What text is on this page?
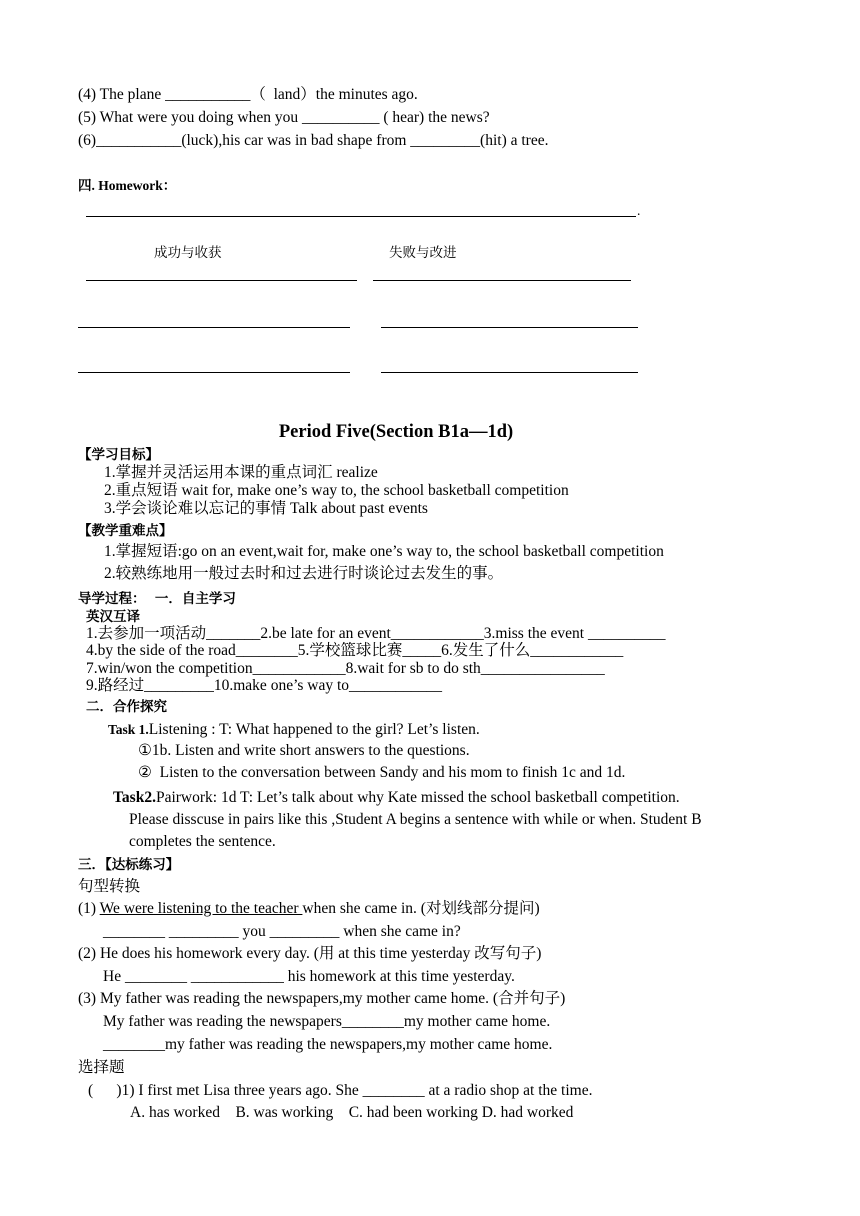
(4) The plane ___________（  land）the minutes ago.
(5) What were you doing when you __________ ( hear) the news?
(6)___________(luck),his car was in bad shape from _________(hit) a tree.
四. Homework：
.
成功与收获	失败与改进
Period Five(Section B1a—1d)
【学习目标】
1.掌握并灵活运用本课的重点词汇 realize
2.重点短语 wait for, make one’s way to, the school basketball competition
3.学会谈论难以忘记的事情 Talk about past events
【教学重难点】
1.掌握短语:go on an event,wait for, make one’s way to, the school basketball competition
2.较熟练地用一般过去时和过去进行时谈论过去发生的事。
导学过程：  一．自主学习
英汉互译
1.去参加一项活动_______2.be late for an event____________3.miss the event __________
4.by the side of the road________5.学校篮球比赛_____6.发生了什么____________
7.win/won the competition____________8.wait for sb to do sth________________
9.路经过_________10.make one’s way to____________
二．合作探究
Task 1.Listening : T: What happened to the girl? Let’s listen.
①1b. Listen and write short answers to the questions.
②  Listen to the conversation between Sandy and his mom to finish 1c and 1d.
Task2.Pairwork: 1d T: Let’s talk about why Kate missed the school basketball competition.
Please disscuse in pairs like this ,Student A begins a sentence with while or when. Student B
completes the sentence.
三．【达标练习】
句型转换
(1) We were listening to the teacher when she came in. (对划线部分提问)
________ _________ you _________ when she came in?
(2) He does his homework every day. (用 at this time yesterday 改写句子)
He ________ ____________ his homework at this time yesterday.
(3) My father was reading the newspapers,my mother came home. (合并句子)
My father was reading the newspapers________my mother came home.
________my father was reading the newspapers,my mother came home.
选择题
(      )1) I first met Lisa three years ago. She ________ at a radio shop at the time.
A. has worked    B. was working    C. had been working D. had worked
